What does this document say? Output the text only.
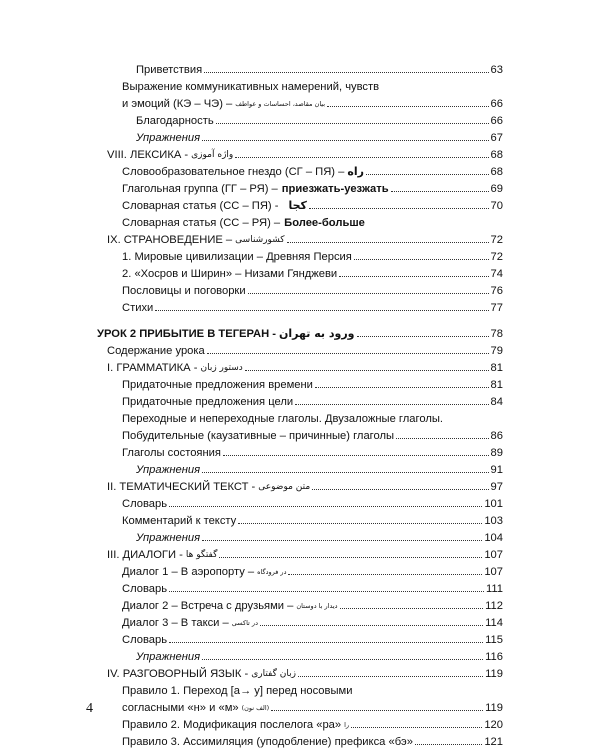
Приветствия	63
Выражение коммуникативных намерений, чувств
и эмоций (КЭ – ЧЭ) – بیان مقاصد، احساسات و عواطف	66
Благодарность	66
Упражнения	67
VIII. ЛЕКСИКА - واژه آموزی	68
Словообразовательное гнездо (СГ – ПЯ) – راه	68
Глагольная группа (ГГ – РЯ) – приезжать-уезжать	69
Словарная статья (СС – ПЯ) - کجا	70
Словарная статья (СС – РЯ) – Более-больше
IX. СТРАНОВЕДЕНИЕ – کشورشناسی	72
1. Мировые цивилизации – Древняя Персия	72
2. «Хосров и Ширин» – Низами Гянджеви	74
Пословицы и поговорки	76
Стихи	77
УРОК 2 ПРИБЫТИЕ В ТЕГЕРАН - ورود به تهران	78
Содержание урока	79
I. ГРАММАТИКА - دستور زبان	81
Придаточные предложения времени	81
Придаточные предложения цели	84
Переходные и непереходные глаголы. Двузаложные глаголы.
Побудительные (каузативные – причинные) глаголы	86
Глаголы состояния	89
Упражнения	91
II. ТЕМАТИЧЕСКИЙ ТЕКСТ - متن موضوعی	97
Словарь	101
Комментарий к тексту	103
Упражнения	104
III. ДИАЛОГИ - گفتگو ها	107
Диалог 1 – В аэропорту – در فرودگاه	107
Словарь	111
Диалог 2 – Встреча с друзьями – دیدار با دوستان	112
Диалог 3 – В такси – در تاکسی	114
Словарь	115
Упражнения	116
IV. РАЗГОВОРНЫЙ ЯЗЫК - زبان گفتاری	119
Правило 1. Переход [а→ у] перед носовыми
согласными «н» и «м» (الف نون)	119
Правило 2. Модификация послелога «ра» را	120
Правило 3. Ассимиляция (уподобление) префикса «бэ»	121
4
